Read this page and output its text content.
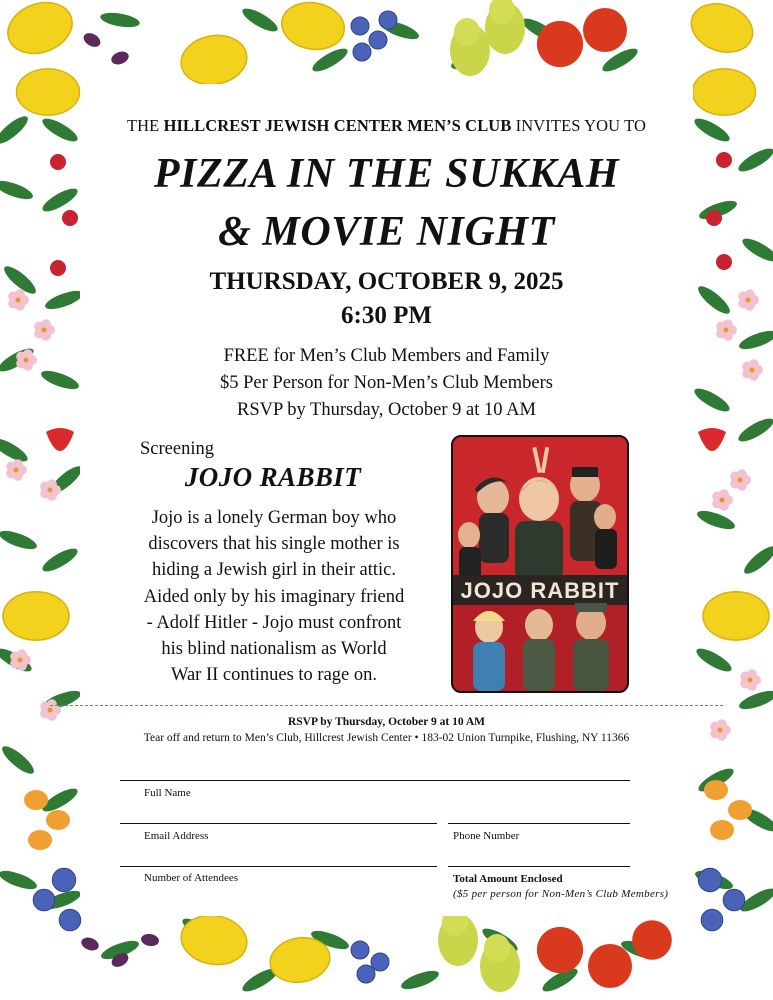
THE HILLCREST JEWISH CENTER MEN’S CLUB INVITES YOU TO
PIZZA IN THE SUKKAH
& MOVIE NIGHT
THURSDAY, OCTOBER 9, 2025
6:30 PM
FREE for Men’s Club Members and Family
$5 Per Person for Non-Men’s Club Members
RSVP by Thursday, October 9 at 10 AM
Screening
JOJO RABBIT
Jojo is a lonely German boy who
discovers that his single mother is
hiding a Jewish girl in their attic.
Aided only by his imaginary friend
- Adolf Hitler - Jojo must confront
his blind nationalism as World
War II continues to rage on.
JOJO RABBIT
RSVP by Thursday, October 9 at 10 AM
Tear off and return to Men’s Club, Hillcrest Jewish Center • 183-02 Union Turnpike, Flushing, NY 11366
Full Name
Email Address	Phone Number
Number of Attendees	Total Amount Enclosed
($5 per person for Non-Men’s Club Members)
